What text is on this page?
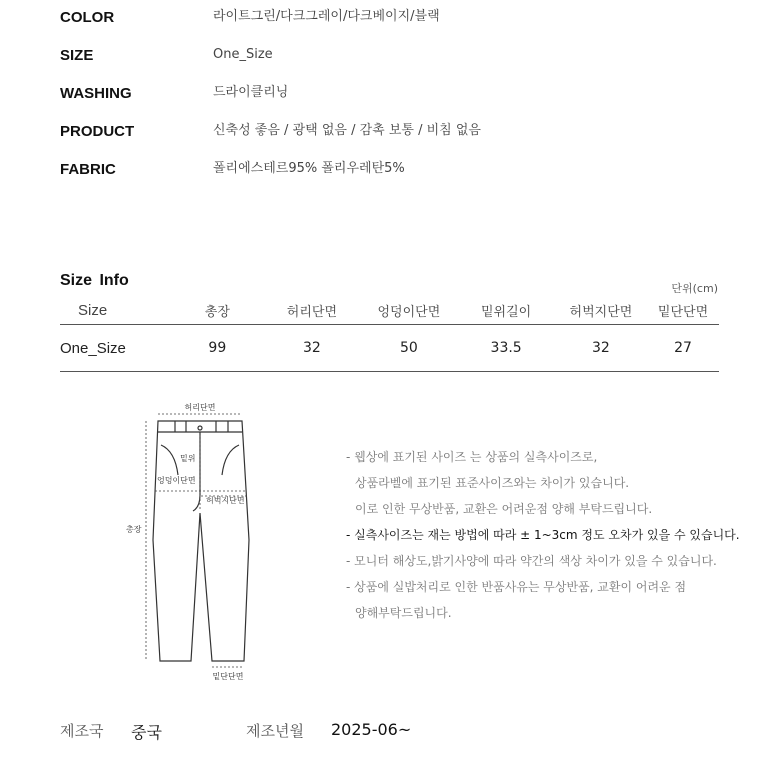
COLOR	라이트그린/다크그레이/다크베이지/블랙
SIZE	One_Size
WASHING	드라이클리닝
PRODUCT	신축성 좋음 / 광택 없음 / 감촉 보통 / 비침 없음
FABRIC	폴리에스테르95% 폴리우레탄5%
Size Info	단위(cm)
Size	총장	허리단면	엉덩이단면	밑위길이	허벅지단면	밑단단면
One_Size	99	32	50	33.5	32	27
허리단면
밑위
엉덩이단면
허벅지단면
총장
밑단단면
- 웹상에 표기된 사이즈 는 상품의 실측사이즈로,
상품라벨에 표기된 표준사이즈와는 차이가 있습니다.
이로 인한 무상반품, 교환은 어려운점 양해 부탁드립니다.
- 실측사이즈는 재는 방법에 따라 ± 1~3cm 정도 오차가 있을 수 있습니다.
- 모니터 해상도,밝기사양에 따라 약간의 색상 차이가 있을 수 있습니다.
- 상품에 실밥처리로 인한 반품사유는 무상반품, 교환이 어려운 점
양해부탁드립니다.
제조국 중국	제조년월 2025-06~
